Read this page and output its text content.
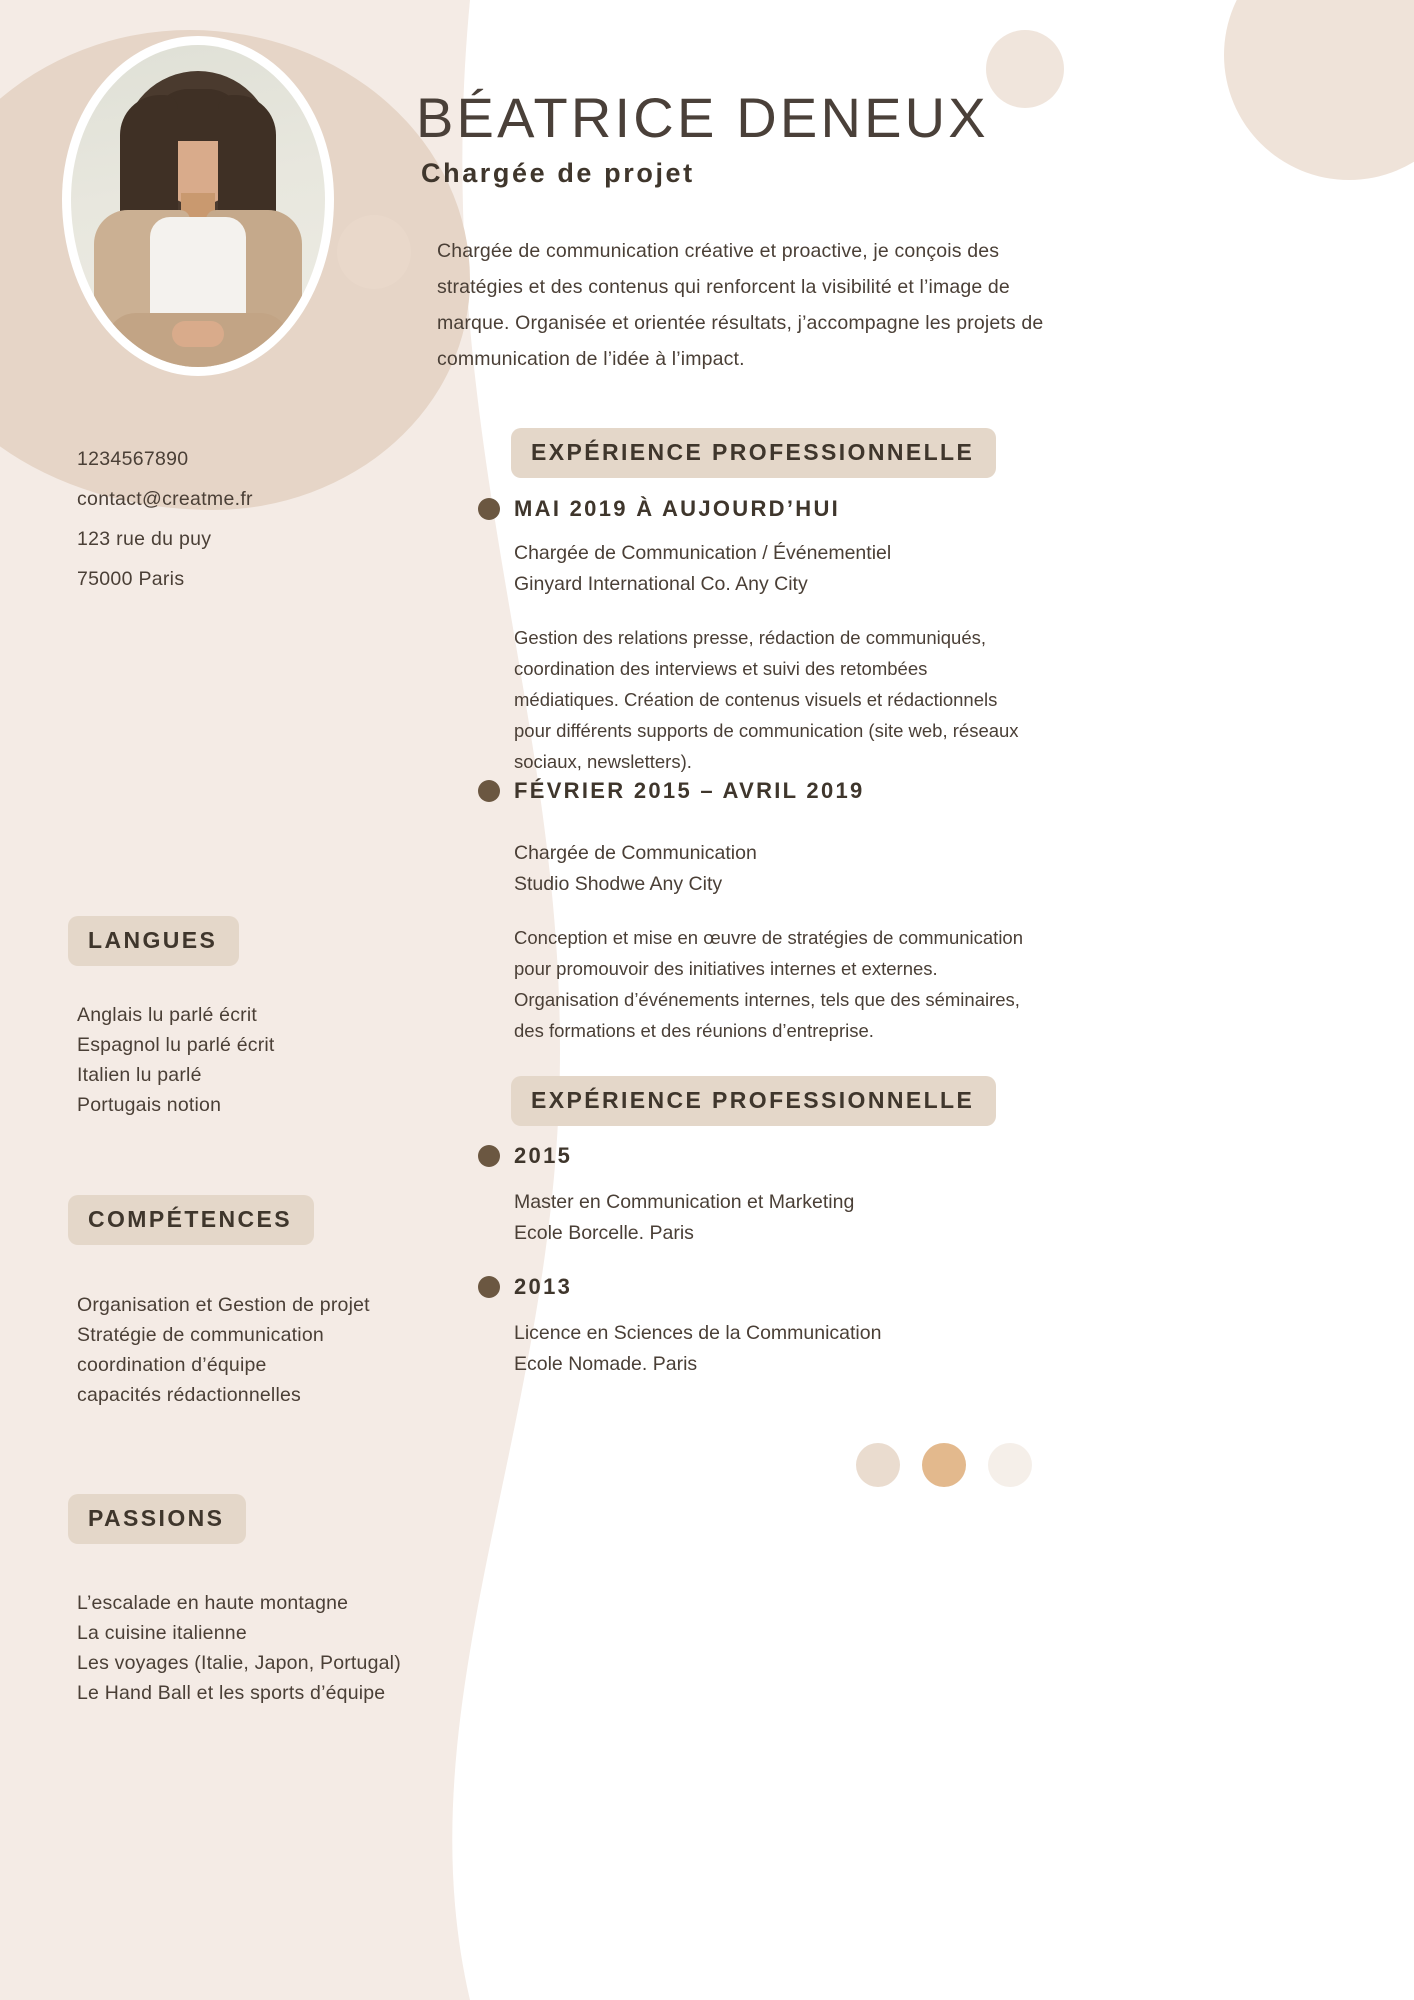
1234567890
contact@creatme.fr
123 rue du puy
75000 Paris
LANGUES
Anglais lu parlé écrit
Espagnol lu parlé écrit
Italien lu parlé
Portugais notion
COMPÉTENCES
Organisation et Gestion de projet
Stratégie de communication
coordination d’équipe
capacités rédactionnelles
PASSIONS
L’escalade en haute montagne
La cuisine italienne
Les voyages (Italie, Japon, Portugal)
Le Hand Ball et les sports d’équipe
BÉATRICE DENEUX
Chargée de projet
Chargée de communication créative et proactive, je conçois des stratégies et des contenus qui renforcent la visibilité et l’image de marque. Organisée et orientée résultats, j’accompagne les projets de communication de l’idée à l’impact.
EXPÉRIENCE PROFESSIONNELLE
MAI 2019 À AUJOURD’HUI
Chargée de Communication / Événementiel
Ginyard International Co. Any City
Gestion des relations presse, rédaction de communiqués, coordination des interviews et suivi des retombées médiatiques. Création de contenus visuels et rédactionnels pour différents supports de communication (site web, réseaux sociaux, newsletters).
FÉVRIER 2015 – AVRIL 2019
Chargée de Communication
Studio Shodwe Any City
Conception et mise en œuvre de stratégies de communication pour promouvoir des initiatives internes et externes. Organisation d’événements internes, tels que des séminaires, des formations et des réunions d’entreprise.
EXPÉRIENCE PROFESSIONNELLE
2015
Master en Communication et Marketing
Ecole Borcelle. Paris
2013
Licence en Sciences de la Communication
Ecole Nomade. Paris
